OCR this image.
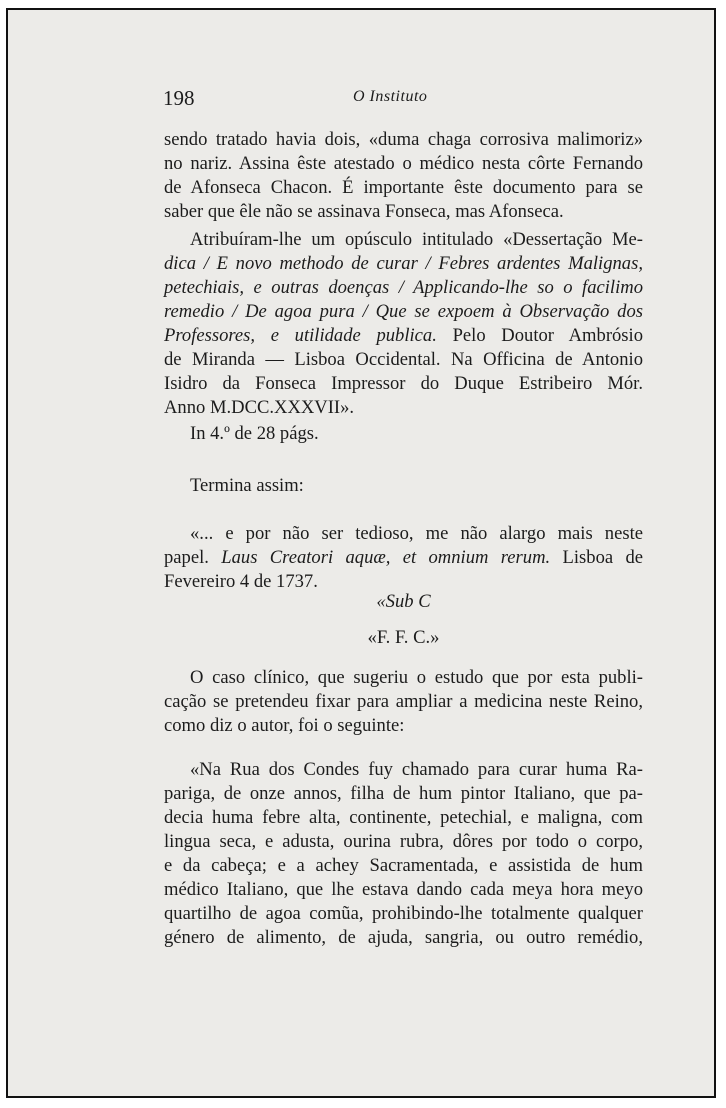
198	O Instituto
sendo tratado havia dois, «duma chaga corrosiva malimoriz»
no nariz. Assina êste atestado o médico nesta côrte Fernando
de Afonseca Chacon. É importante êste documento para se
saber que êle não se assinava Fonseca, mas Afonseca.
Atribuíram-lhe um opúsculo intitulado «Dessertação Me-
dica / E novo methodo de curar / Febres ardentes Malignas,
petechiais, e outras doenças / Applicando-lhe so o facilimo
remedio / De agoa pura / Que se expoem à Observação dos
Professores, e utilidade publica. Pelo Doutor Ambrósio
de Miranda — Lisboa Occidental. Na Officina de Antonio
Isidro da Fonseca Impressor do Duque Estribeiro Mór.
Anno M.DCC.XXXVII».
In 4.º de 28 págs.
Termina assim:
«... e por não ser tedioso, me não alargo mais neste
papel. Laus Creatori aquæ, et omnium rerum. Lisboa de
Fevereiro 4 de 1737.
«Sub C
«F. F. C.»
O caso clínico, que sugeriu o estudo que por esta publi-
cação se pretendeu fixar para ampliar a medicina neste Reino,
como diz o autor, foi o seguinte:
«Na Rua dos Condes fuy chamado para curar huma Ra-
pariga, de onze annos, filha de hum pintor Italiano, que pa-
decia huma febre alta, continente, petechial, e maligna, com
lingua seca, e adusta, ourina rubra, dôres por todo o corpo,
e da cabeça; e a achey Sacramentada, e assistida de hum
médico Italiano, que lhe estava dando cada meya hora meyo
quartilho de agoa comũa, prohibindo-lhe totalmente qualquer
género de alimento, de ajuda, sangria, ou outro remédio,
